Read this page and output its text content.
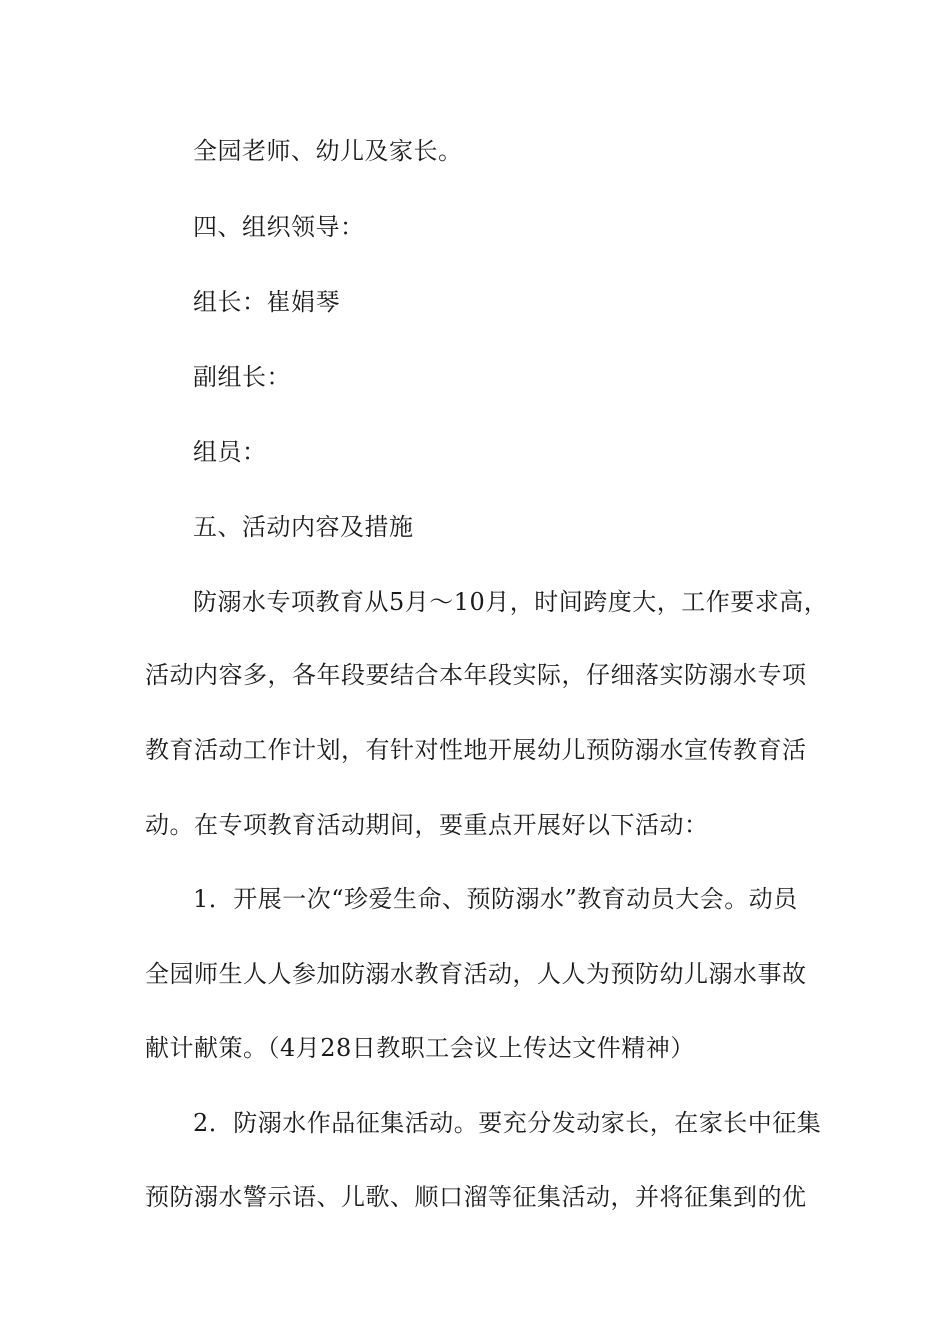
全园老师、幼儿及家长。
四、组织领导：
组长：崔娟琴
副组长：
组员：
五、活动内容及措施
防溺水专项教育从5月～10月，时间跨度大，工作要求高，
活动内容多，各年段要结合本年段实际，仔细落实防溺水专项
教育活动工作计划，有针对性地开展幼儿预防溺水宣传教育活
动。在专项教育活动期间，要重点开展好以下活动：
1．开展一次“珍爱生命、预防溺水”教育动员大会。动员
全园师生人人参加防溺水教育活动，人人为预防幼儿溺水事故
献计献策。（4月28日教职工会议上传达文件精神）
2．防溺水作品征集活动。要充分发动家长，在家长中征集
预防溺水警示语、儿歌、顺口溜等征集活动，并将征集到的优
